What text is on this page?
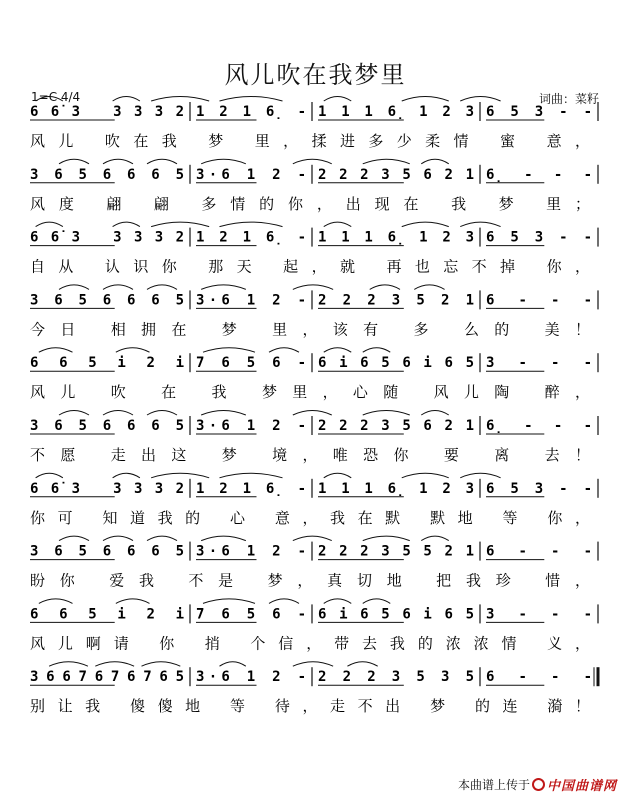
风儿吹在我梦里
1=C 4/4	词曲：菜籽
66̇3 3332 1 2 1 6̣ - 1 1 1 6̣ 1 2 3 6 5 3 - -
风儿 吹在我 梦 里，揉进多少柔情 蜜 意，
3 6 5 6 6 6 5 3·6 1 2 - 2 2 2 3 5 6 2 1 6̣ - - -
风度 翩 翩 多情的你，出现在 我 梦 里；
66̇3 3332 1 2 1 6̣ - 1 1 1 6̣ 1 2 3 6 5 3 - -
自从 认识你 那天 起，就 再也忘不掉 你，
3 6 5 6 6 6 5 3·6 1 2 - 2 2 2 3 5 2 1 6 - - -
今日 相拥在 梦 里，该有 多 么的 美！
6 6 5 i 2 i 7 6 5 6 - 6 i 6 5 6 i 6 5 3 - - -
风儿 吹 在 我 梦里，心随 风儿陶 醉，
3 6 5 6 6 6 5 3·6 1 2 - 2 2 2 3 5 6 2 1 6̣ - - -
不愿 走出这 梦 境，唯恐你 要 离 去！
66̇3 3332 1 2 1 6̣ - 1 1 1 6̣ 1 2 3 6 5 3 - -
你可 知道我的 心 意，我在默 默地 等 你，
3 6 5 6 6 6 5 3·6 1 2 - 2 2 2 3 5 5 2 1 6 - - -
盼你 爱我 不是 梦，真切地 把我珍 惜，
6 6 5 i 2 i 7 6 5 6 - 6 i 6 5 6 i 6 5 3 - - -
风儿啊请 你 捎 个信，带去我的浓浓情 义，
3 6 6 7 6 7 6 7 6 5 3·6 1 2 - 2 2 2 3 5 3 5 6 - - -
别让我 傻傻地 等 待，走不出 梦 的连 漪！
本曲谱上传于 中国曲谱网
